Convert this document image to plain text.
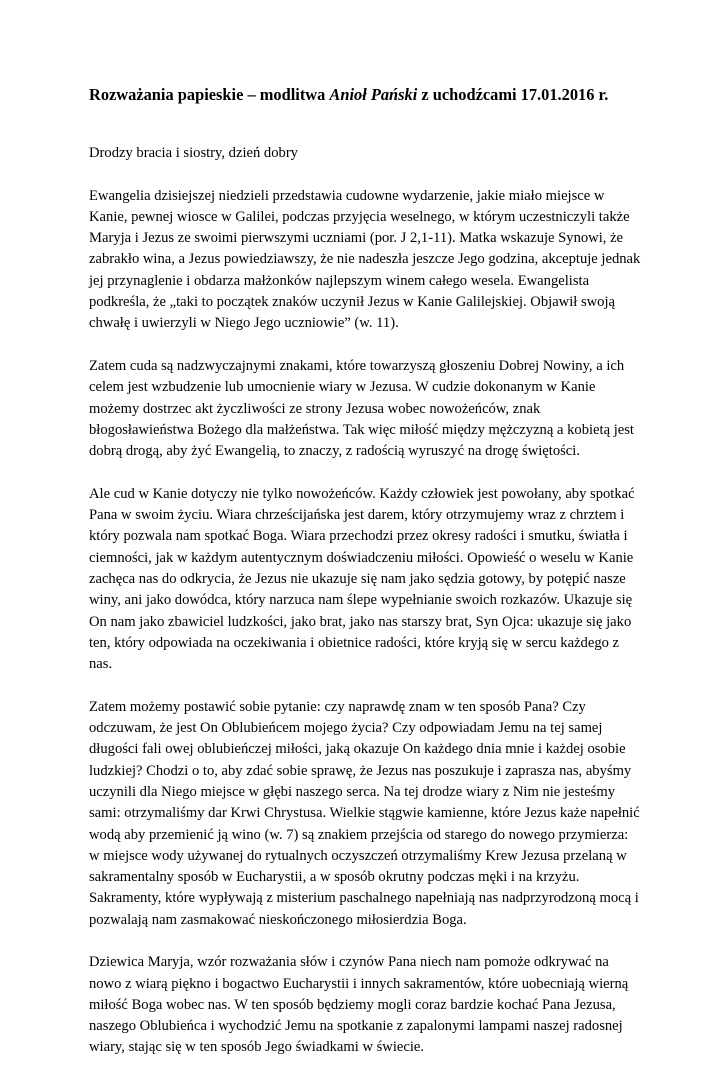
Rozważania papieskie – modlitwa Anioł Pański z uchodźcami 17.01.2016 r.

Drodzy bracia i siostry, dzień dobry

Ewangelia dzisiejszej niedzieli przedstawia cudowne wydarzenie, jakie miało miejsce w Kanie, pewnej wiosce w Galilei, podczas przyjęcia weselnego, w którym uczestniczyli także Maryja i Jezus ze swoimi pierwszymi uczniami (por. J 2,1-11). Matka wskazuje Synowi, że zabrakło wina, a Jezus powiedziawszy, że nie nadeszła jeszcze Jego godzina, akceptuje jednak jej przynaglenie i obdarza małżonków najlepszym winem całego wesela. Ewangelista podkreśla, że „taki to początek znaków uczynił Jezus w Kanie Galilejskiej. Objawił swoją chwałę i uwierzyli w Niego Jego uczniowie” (w. 11).

Zatem cuda są nadzwyczajnymi znakami, które towarzyszą głoszeniu Dobrej Nowiny, a ich celem jest wzbudzenie lub umocnienie wiary w Jezusa. W cudzie dokonanym w Kanie możemy dostrzec akt życzliwości ze strony Jezusa wobec nowożeńców, znak błogosławieństwa Bożego dla małżeństwa. Tak więc miłość między mężczyzną a kobietą jest dobrą drogą, aby żyć Ewangelią, to znaczy, z radością wyruszyć na drogę świętości.

Ale cud w Kanie dotyczy nie tylko nowożeńców. Każdy człowiek jest powołany, aby spotkać Pana w swoim życiu. Wiara chrześcijańska jest darem, który otrzymujemy wraz z chrztem i który pozwala nam spotkać Boga. Wiara przechodzi przez okresy radości i smutku, światła i ciemności, jak w każdym autentycznym doświadczeniu miłości. Opowieść o weselu w Kanie zachęca nas do odkrycia, że Jezus nie ukazuje się nam jako sędzia gotowy, by potępić nasze winy, ani jako dowódca, który narzuca nam ślepe wypełnianie swoich rozkazów. Ukazuje się On nam jako zbawiciel ludzkości, jako brat, jako nas starszy brat, Syn Ojca: ukazuje się jako ten, który odpowiada na oczekiwania i obietnice radości, które kryją się w sercu każdego z nas.

Zatem możemy postawić sobie pytanie: czy naprawdę znam w ten sposób Pana? Czy odczuwam, że jest On Oblubieńcem mojego życia? Czy odpowiadam Jemu na tej samej długości fali owej oblubieńczej miłości, jaką okazuje On każdego dnia mnie i każdej osobie ludzkiej? Chodzi o to, aby zdać sobie sprawę, że Jezus nas poszukuje i zaprasza nas, abyśmy uczynili dla Niego miejsce w głębi naszego serca. Na tej drodze wiary z Nim nie jesteśmy sami: otrzymaliśmy dar Krwi Chrystusa. Wielkie stągwie kamienne, które Jezus każe napełnić wodą aby przemienić ją wino (w. 7) są znakiem przejścia od starego do nowego przymierza: w miejsce wody używanej do rytualnych oczyszczeń otrzymaliśmy Krew Jezusa przelaną w sakramentalny sposób w Eucharystii, a w sposób okrutny podczas męki i na krzyżu. Sakramenty, które wypływają z misterium paschalnego napełniają nas nadprzyrodzoną mocą i pozwalają nam zasmakować nieskończonego miłosierdzia Boga.

Dziewica Maryja, wzór rozważania słów i czynów Pana niech nam pomoże odkrywać na nowo z wiarą piękno i bogactwo Eucharystii i innych sakramentów, które uobecniają wierną miłość Boga wobec nas. W ten sposób będziemy mogli coraz bardzie kochać Pana Jezusa, naszego Oblubieńca i wychodzić Jemu na spotkanie z zapalonymi lampami naszej radosnej wiary, stając się w ten sposób Jego świadkami w świecie.
